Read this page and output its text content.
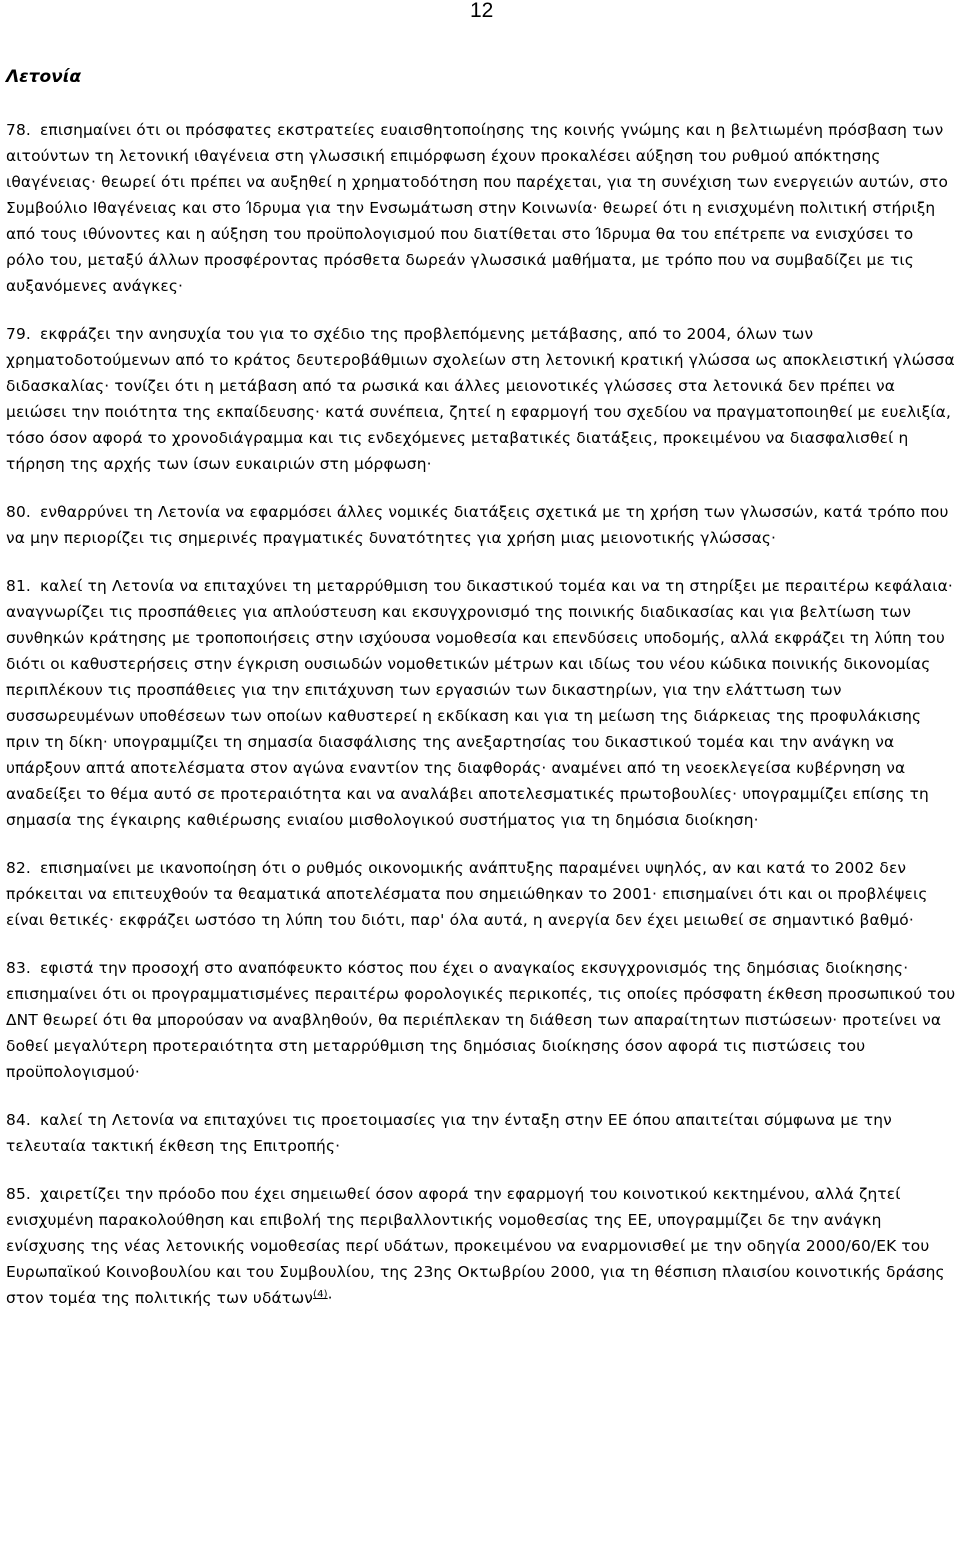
12
Λετονία

78. επισημαίνει ότι οι πρόσφατες εκστρατείες ευαισθητοποίησης της κοινής γνώμης και η βελτιωμένη πρόσβαση των αιτούντων τη λετονική ιθαγένεια στη γλωσσική επιμόρφωση έχουν προκαλέσει αύξηση του ρυθμού απόκτησης ιθαγένειας· θεωρεί ότι πρέπει να αυξηθεί η χρηματοδότηση που παρέχεται, για τη συνέχιση των ενεργειών αυτών, στο Συμβούλιο Ιθαγένειας και στο Ίδρυμα για την Ενσωμάτωση στην Κοινωνία· θεωρεί ότι η ενισχυμένη πολιτική στήριξη από τους ιθύνοντες και η αύξηση του προϋπολογισμού που διατίθεται στο Ίδρυμα θα του επέτρεπε να ενισχύσει το ρόλο του, μεταξύ άλλων προσφέροντας πρόσθετα δωρεάν γλωσσικά μαθήματα, με τρόπο που να συμβαδίζει με τις αυξανόμενες ανάγκες·

79. εκφράζει την ανησυχία του για το σχέδιο της προβλεπόμενης μετάβασης, από το 2004, όλων των χρηματοδοτούμενων από το κράτος δευτεροβάθμιων σχολείων στη λετονική κρατική γλώσσα ως αποκλειστική γλώσσα διδασκαλίας· τονίζει ότι η μετάβαση από τα ρωσικά και άλλες μειονοτικές γλώσσες στα λετονικά δεν πρέπει να μειώσει την ποιότητα της εκπαίδευσης· κατά συνέπεια, ζητεί η εφαρμογή του σχεδίου να πραγματοποιηθεί με ευελιξία, τόσο όσον αφορά το χρονοδιάγραμμα και τις ενδεχόμενες μεταβατικές διατάξεις, προκειμένου να διασφαλισθεί η τήρηση της αρχής των ίσων ευκαιριών στη μόρφωση·

80. ενθαρρύνει τη Λετονία να εφαρμόσει άλλες νομικές διατάξεις σχετικά με τη χρήση των γλωσσών, κατά τρόπο που να μην περιορίζει τις σημερινές πραγματικές δυνατότητες για χρήση μιας μειονοτικής γλώσσας·

81. καλεί τη Λετονία να επιταχύνει τη μεταρρύθμιση του δικαστικού τομέα και να τη στηρίξει με περαιτέρω κεφάλαια· αναγνωρίζει τις προσπάθειες για απλούστευση και εκσυγχρονισμό της ποινικής διαδικασίας και για βελτίωση των συνθηκών κράτησης με τροποποιήσεις στην ισχύουσα νομοθεσία και επενδύσεις υποδομής, αλλά εκφράζει τη λύπη του διότι οι καθυστερήσεις στην έγκριση ουσιωδών νομοθετικών μέτρων και ιδίως του νέου κώδικα ποινικής δικονομίας περιπλέκουν τις προσπάθειες για την επιτάχυνση των εργασιών των δικαστηρίων, για την ελάττωση των συσσωρευμένων υποθέσεων των οποίων καθυστερεί η εκδίκαση και για τη μείωση της διάρκειας της προφυλάκισης πριν τη δίκη· υπογραμμίζει τη σημασία διασφάλισης της ανεξαρτησίας του δικαστικού τομέα και την ανάγκη να υπάρξουν απτά αποτελέσματα στον αγώνα εναντίον της διαφθοράς· αναμένει από τη νεοεκλεγείσα κυβέρνηση να αναδείξει το θέμα αυτό σε προτεραιότητα και να αναλάβει αποτελεσματικές πρωτοβουλίες· υπογραμμίζει επίσης τη σημασία της έγκαιρης καθιέρωσης ενιαίου μισθολογικού συστήματος για τη δημόσια διοίκηση·

82. επισημαίνει με ικανοποίηση ότι ο ρυθμός οικονομικής ανάπτυξης παραμένει υψηλός, αν και κατά το 2002 δεν πρόκειται να επιτευχθούν τα θεαματικά αποτελέσματα που σημειώθηκαν το 2001· επισημαίνει ότι και οι προβλέψεις είναι θετικές· εκφράζει ωστόσο τη λύπη του διότι, παρ' όλα αυτά, η ανεργία δεν έχει μειωθεί σε σημαντικό βαθμό·

83. εφιστά την προσοχή στο αναπόφευκτο κόστος που έχει ο αναγκαίος εκσυγχρονισμός της δημόσιας διοίκησης· επισημαίνει ότι οι προγραμματισμένες περαιτέρω φορολογικές περικοπές, τις οποίες πρόσφατη έκθεση προσωπικού του ΔΝΤ θεωρεί ότι θα μπορούσαν να αναβληθούν, θα περιέπλεκαν τη διάθεση των απαραίτητων πιστώσεων· προτείνει να δοθεί μεγαλύτερη προτεραιότητα στη μεταρρύθμιση της δημόσιας διοίκησης όσον αφορά τις πιστώσεις του προϋπολογισμού·

84. καλεί τη Λετονία να επιταχύνει τις προετοιμασίες για την ένταξη στην ΕΕ όπου απαιτείται σύμφωνα με την τελευταία τακτική έκθεση της Επιτροπής·

85. χαιρετίζει την πρόοδο που έχει σημειωθεί όσον αφορά την εφαρμογή του κοινοτικού κεκτημένου, αλλά ζητεί ενισχυμένη παρακολούθηση και επιβολή της περιβαλλοντικής νομοθεσίας της ΕΕ, υπογραμμίζει δε την ανάγκη ενίσχυσης της νέας λετονικής νομοθεσίας περί υδάτων, προκειμένου να εναρμονισθεί με την οδηγία 2000/60/ΕΚ του Ευρωπαϊκού Κοινοβουλίου και του Συμβουλίου, της 23ης Οκτωβρίου 2000, για τη θέσπιση πλαισίου κοινοτικής δράσης στον τομέα της πολιτικής των υδάτων$^{(4)}$·
